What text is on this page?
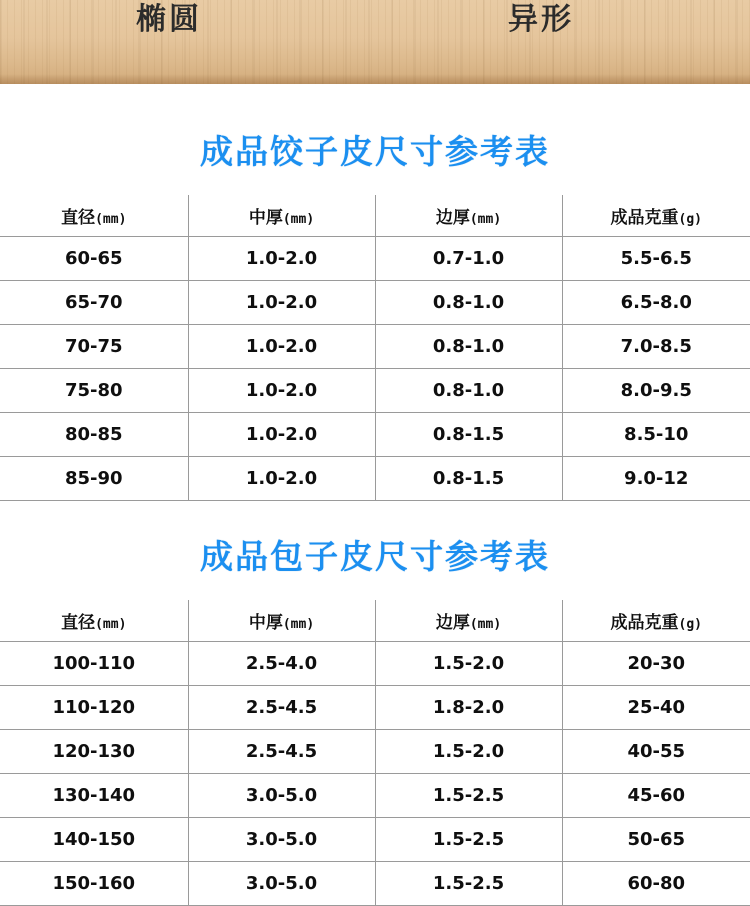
椭圆	异形
成品饺子皮尺寸参考表
直径(mm)	中厚(mm)	边厚(mm)	成品克重(g)
60-65	1.0-2.0	0.7-1.0	5.5-6.5
65-70	1.0-2.0	0.8-1.0	6.5-8.0
70-75	1.0-2.0	0.8-1.0	7.0-8.5
75-80	1.0-2.0	0.8-1.0	8.0-9.5
80-85	1.0-2.0	0.8-1.5	8.5-10
85-90	1.0-2.0	0.8-1.5	9.0-12
成品包子皮尺寸参考表
直径(mm)	中厚(mm)	边厚(mm)	成品克重(g)
100-110	2.5-4.0	1.5-2.0	20-30
110-120	2.5-4.5	1.8-2.0	25-40
120-130	2.5-4.5	1.5-2.0	40-55
130-140	3.0-5.0	1.5-2.5	45-60
140-150	3.0-5.0	1.5-2.5	50-65
150-160	3.0-5.0	1.5-2.5	60-80
